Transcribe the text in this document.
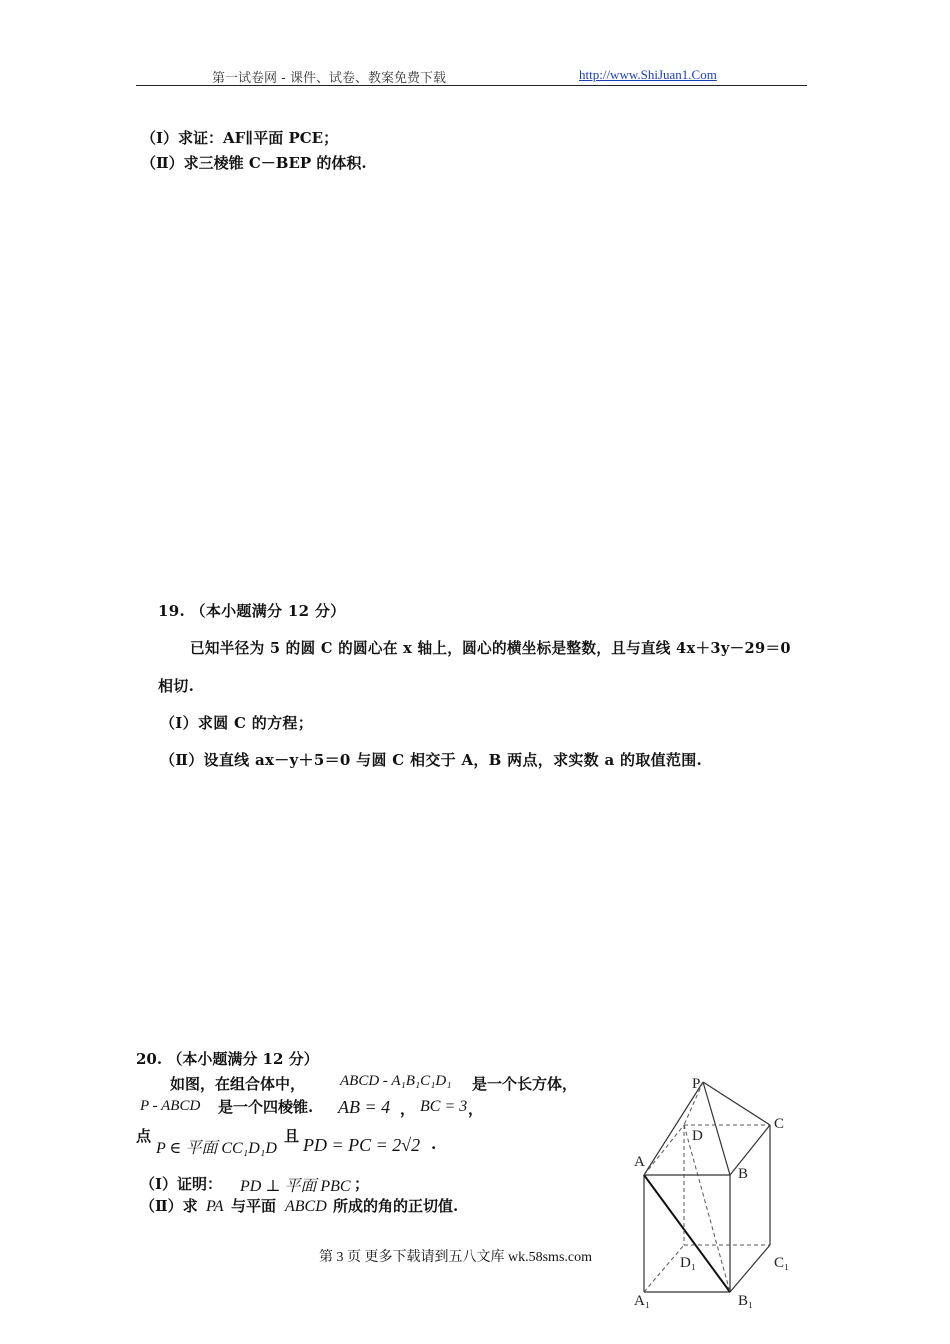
第一试卷网 - 课件、试卷、教案免费下载	http://www.ShiJuan1.Com
（Ⅰ）求证：AF∥平面 PCE；
（Ⅱ）求三棱锥 C－BEP 的体积.
19. （本小题满分 12 分）
已知半径为 5 的圆 C 的圆心在 x 轴上，圆心的横坐标是整数，且与直线 4x＋3y－29＝0
相切.
（Ⅰ）求圆 C 的方程；
（Ⅱ）设直线 ax－y＋5＝0 与圆 C 相交于 A，B 两点，求实数 a 的取值范围.
20. （本小题满分 12 分）
如图，在组合体中， ABCD - A₁B₁C₁D₁ 是一个长方体，
P - ABCD 是一个四棱锥. AB = 4 ， BC = 3 ，
点
P ∈ 平面 CC₁D₁D
且 PD = PC = 2√2 .
（Ⅰ）证明： PD ⊥ 平面 PBC ；
（Ⅱ）求 PA 与平面 ABCD 所成的角的正切值.
P
C
D
A
B
D₁	C₁
A₁	B₁
第 3 页 更多下载请到五八文库 wk.58sms.com
